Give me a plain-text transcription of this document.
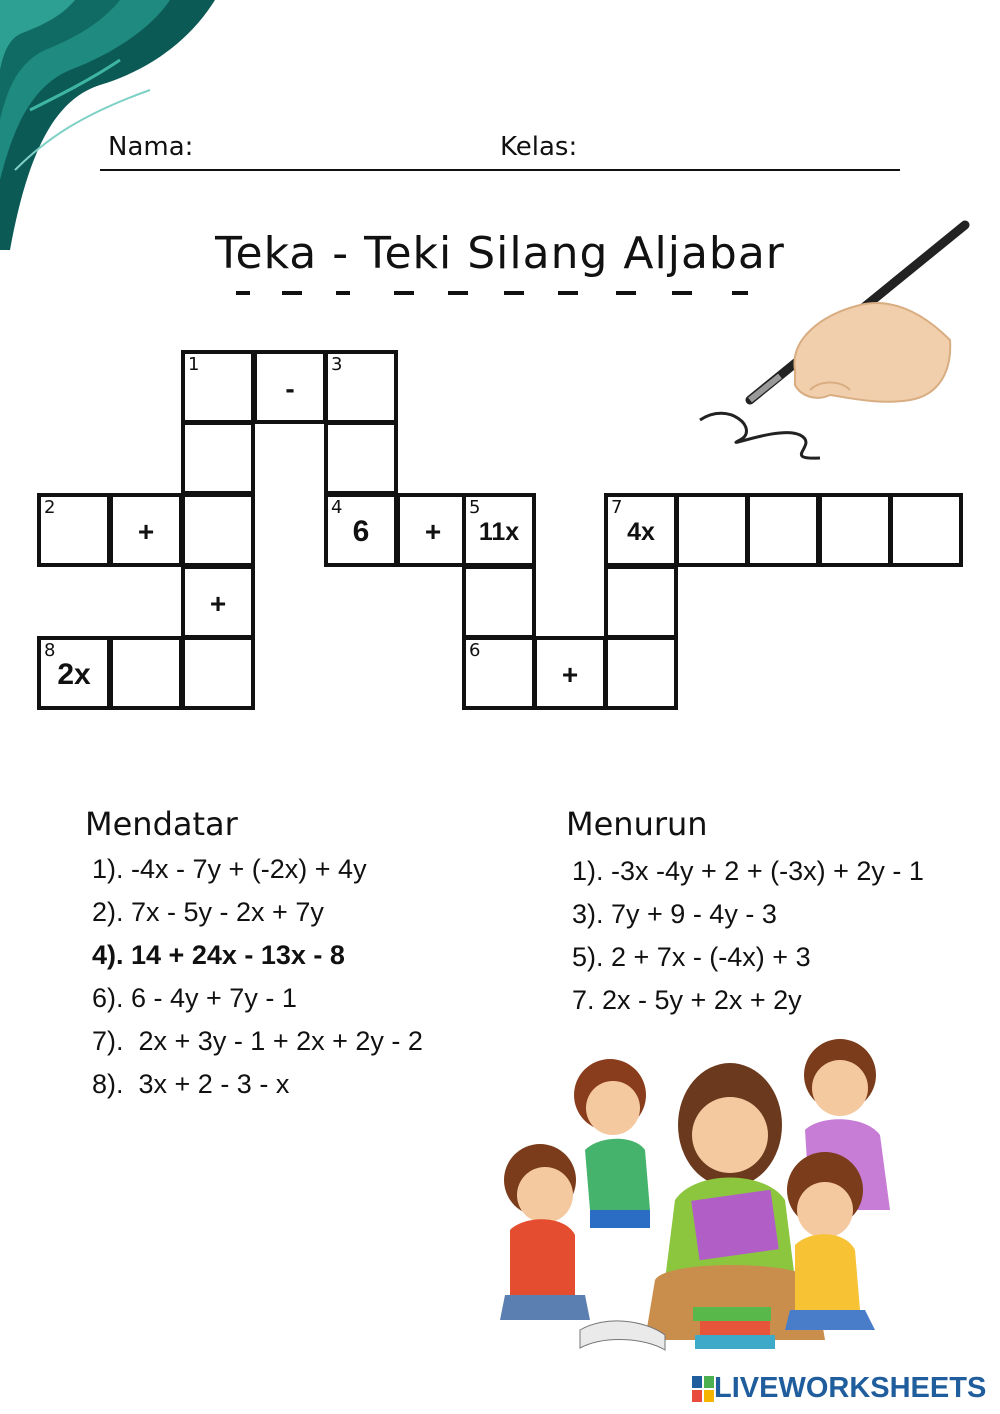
Nama:	Kelas:
Teka - Teki Silang Aljabar
1
-
3
2
+
4
6	+
5
11x
7
4x
+
8
2x
6
+
Mendatar
1). -4x - 7y + (-2x) + 4y
2). 7x - 5y - 2x + 7y
4). 14 + 24x - 13x - 8
6). 6 - 4y + 7y - 1
7).  2x + 3y - 1 + 2x + 2y - 2
8).  3x + 2 - 3 - x
Menurun
1). -3x -4y + 2 + (-3x) + 2y - 1
3). 7y + 9 - 4y - 3
5). 2 + 7x - (-4x) + 3
7. 2x - 5y + 2x + 2y
LIVEWORKSHEETS
